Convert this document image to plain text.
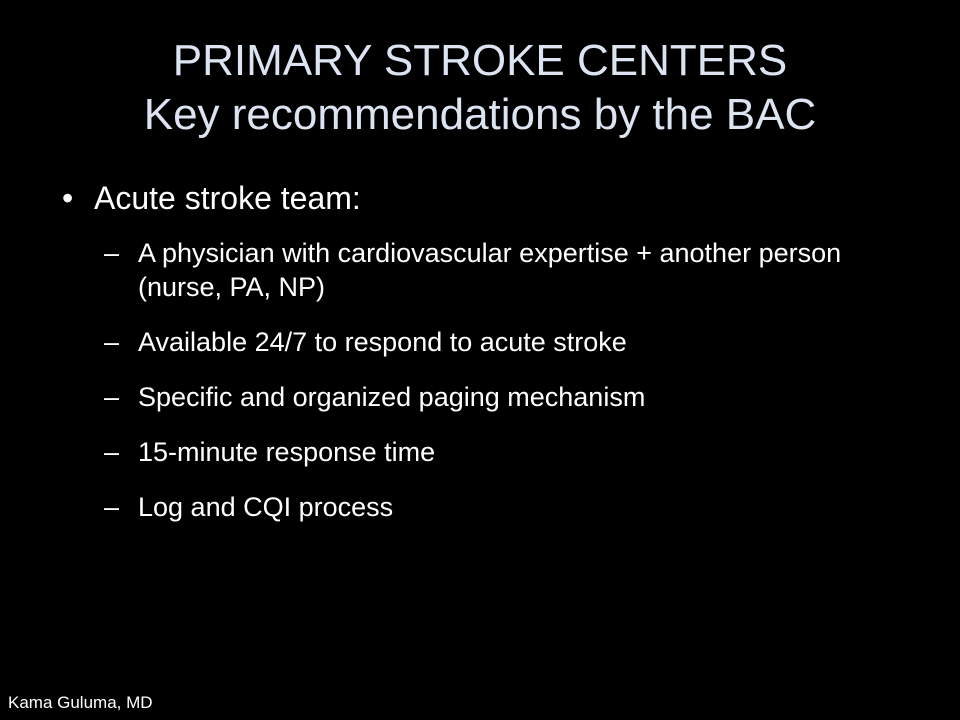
PRIMARY STROKE CENTERS
Key recommendations by the BAC
• Acute stroke team:
– A physician with cardiovascular expertise + another person (nurse, PA, NP)
– Available 24/7 to respond to acute stroke
– Specific and organized paging mechanism
– 15-minute response time
– Log and CQI process
Kama Guluma, MD
